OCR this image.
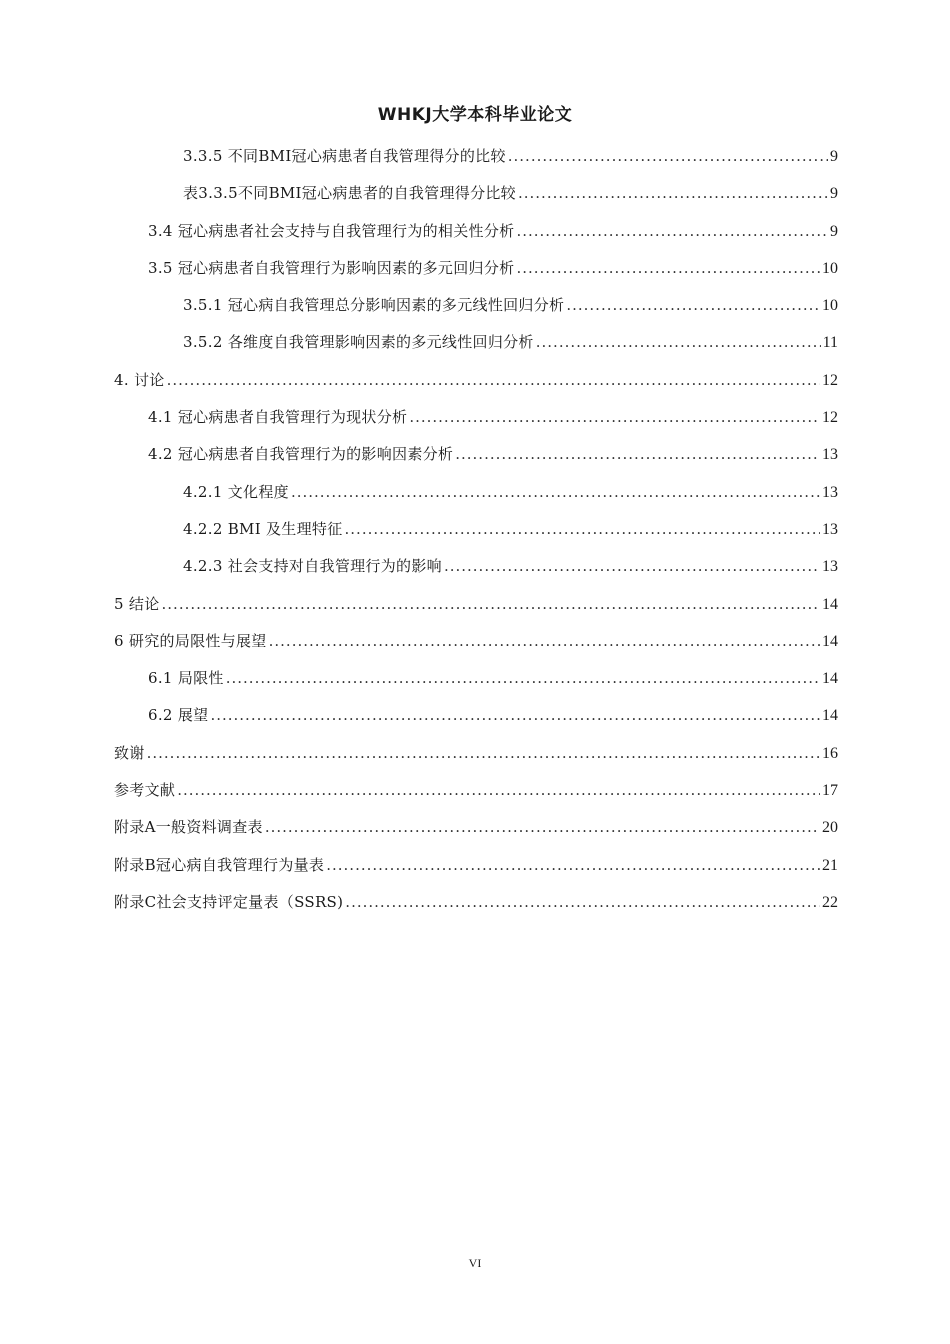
WHKJ大学本科毕业论文
3.3.5 不同BMI冠心病患者自我管理得分的比较 .....	9
表3.3.5不同BMI冠心病患者的自我管理得分比较 .....	9
3.4 冠心病患者社会支持与自我管理行为的相关性分析 .....	9
3.5 冠心病患者自我管理行为影响因素的多元回归分析 .....	10
3.5.1 冠心病自我管理总分影响因素的多元线性回归分析 .....	10
3.5.2 各维度自我管理影响因素的多元线性回归分析 .....	11
4. 讨论 .....	12
4.1 冠心病患者自我管理行为现状分析 .....	12
4.2 冠心病患者自我管理行为的影响因素分析 .....	13
4.2.1 文化程度 .....	13
4.2.2 BMI 及生理特征 .....	13
4.2.3 社会支持对自我管理行为的影响 .....	13
5 结论 .....	14
6 研究的局限性与展望 .....	14
6.1 局限性 .....	14
6.2 展望 .....	14
致谢 .....	16
参考文献 .....	17
附录A一般资料调查表 .....	20
附录B冠心病自我管理行为量表 .....	21
附录C社会支持评定量表（SSRS) .....	22
VI
